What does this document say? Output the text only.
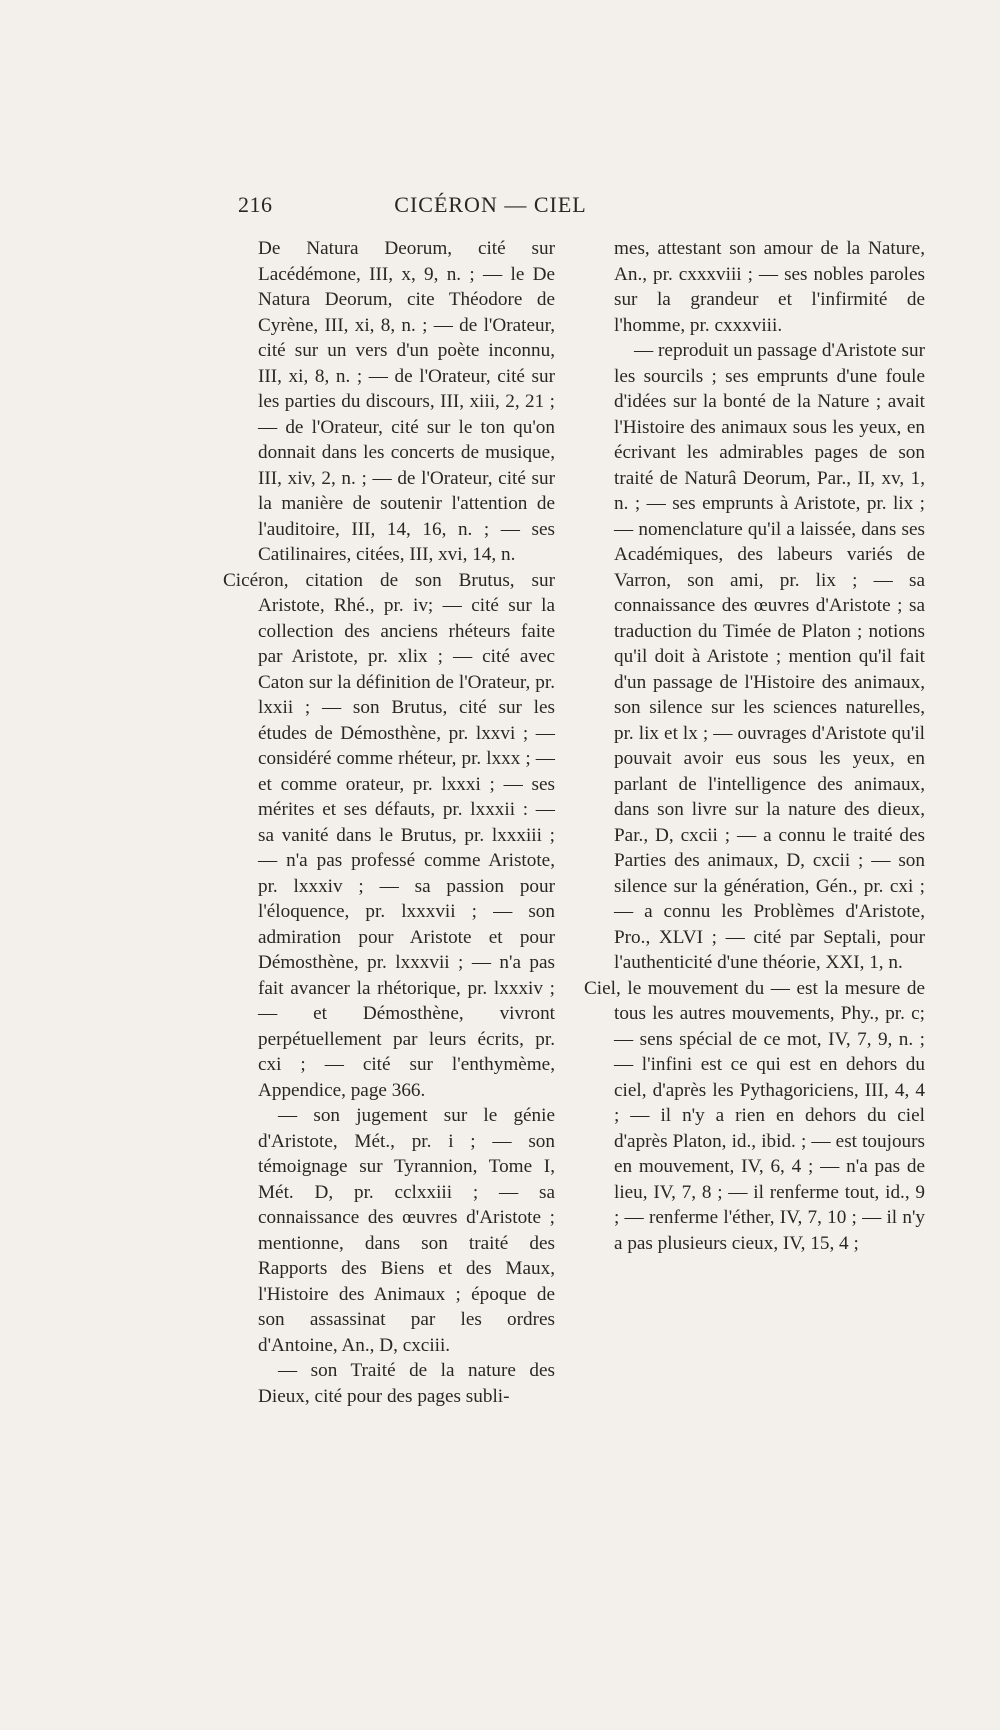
216	CICÉRON — CIEL

De Natura Deorum, cité sur Lacédémone, III, x, 9, n. ; — le De Natura Deorum, cite Théodore de Cyrène, III, xi, 8, n. ; — de l'Orateur, cité sur un vers d'un poète inconnu, III, xi, 8, n. ; — de l'Orateur, cité sur les parties du discours, III, xiii, 2, 21 ; — de l'Orateur, cité sur le ton qu'on donnait dans les concerts de musique, III, xiv, 2, n. ; — de l'Orateur, cité sur la manière de soutenir l'attention de l'auditoire, III, 14, 16, n. ; — ses Catilinaires, citées, III, xvi, 14, n.

Cicéron, citation de son Brutus, sur Aristote, Rhé., pr. iv; — cité sur la collection des anciens rhéteurs faite par Aristote, pr. xlix ; — cité avec Caton sur la définition de l'Orateur, pr. lxxii ; — son Brutus, cité sur les études de Démosthène, pr. lxxvi ; — considéré comme rhéteur, pr. lxxx ; — et comme orateur, pr. lxxxi ; — ses mérites et ses défauts, pr. lxxxii : — sa vanité dans le Brutus, pr. lxxxiii ; — n'a pas professé comme Aristote, pr. lxxxiv ; — sa passion pour l'éloquence, pr. lxxxvii ; — son admiration pour Aristote et pour Démosthène, pr. lxxxvii ; — n'a pas fait avancer la rhétorique, pr. lxxxiv ; — et Démosthène, vivront perpétuellement par leurs écrits, pr. cxi ; — cité sur l'enthymème, Appendice, page 366.

— son jugement sur le génie d'Aristote, Mét., pr. i ; — son témoignage sur Tyrannion, Tome I, Mét. D, pr. cclxxiii ; — sa connaissance des œuvres d'Aristote ; mentionne, dans son traité des Rapports des Biens et des Maux, l'Histoire des Animaux ; époque de son assassinat par les ordres d'Antoine, An., D, cxciii.

— son Traité de la nature des Dieux, cité pour des pages subli-

mes, attestant son amour de la Nature, An., pr. cxxxviii ; — ses nobles paroles sur la grandeur et l'infirmité de l'homme, pr. cxxxviii.

— reproduit un passage d'Aristote sur les sourcils ; ses emprunts d'une foule d'idées sur la bonté de la Nature ; avait l'Histoire des animaux sous les yeux, en écrivant les admirables pages de son traité de Naturâ Deorum, Par., II, xv, 1, n. ; — ses emprunts à Aristote, pr. lix ; — nomenclature qu'il a laissée, dans ses Académiques, des labeurs variés de Varron, son ami, pr. lix ; — sa connaissance des œuvres d'Aristote ; sa traduction du Timée de Platon ; notions qu'il doit à Aristote ; mention qu'il fait d'un passage de l'Histoire des animaux, son silence sur les sciences naturelles, pr. lix et lx ; — ouvrages d'Aristote qu'il pouvait avoir eus sous les yeux, en parlant de l'intelligence des animaux, dans son livre sur la nature des dieux, Par., D, cxcii ; — a connu le traité des Parties des animaux, D, cxcii ; — son silence sur la génération, Gén., pr. cxi ; — a connu les Problèmes d'Aristote, Pro., XLVI ; — cité par Septali, pour l'authenticité d'une théorie, XXI, 1, n.

Ciel, le mouvement du — est la mesure de tous les autres mouvements, Phy., pr. c; — sens spécial de ce mot, IV, 7, 9, n. ; — l'infini est ce qui est en dehors du ciel, d'après les Pythagoriciens, III, 4, 4 ; — il n'y a rien en dehors du ciel d'après Platon, id., ibid. ; — est toujours en mouvement, IV, 6, 4 ; — n'a pas de lieu, IV, 7, 8 ; — il renferme tout, id., 9 ; — renferme l'éther, IV, 7, 10 ; — il n'y a pas plusieurs cieux, IV, 15, 4 ;
